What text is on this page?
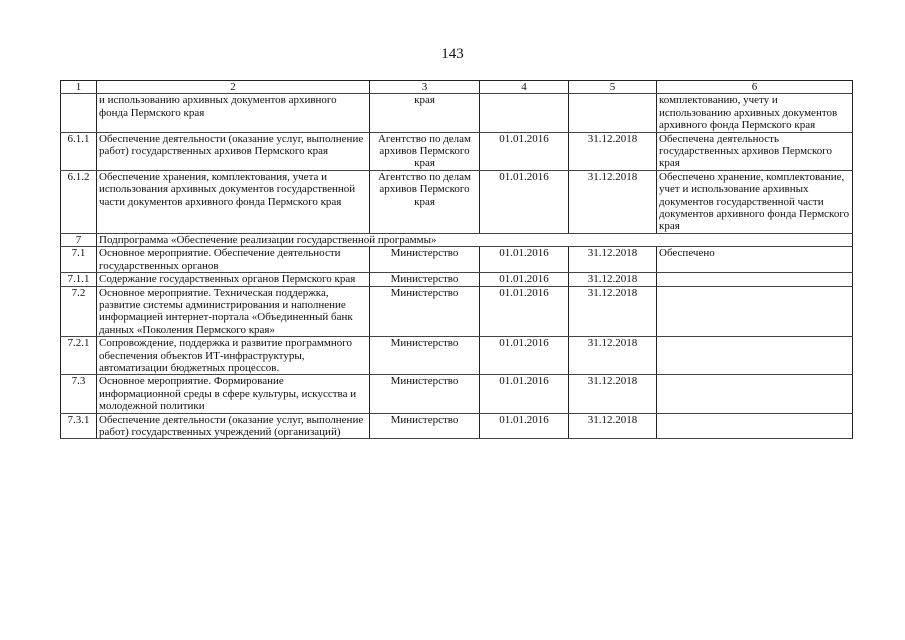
143
1	2	3	4	5	6
	и использованию архивных документов архивного фонда Пермского края	края			комплектованию, учету и использованию архивных документов архивного фонда Пермского края
6.1.1	Обеспечение деятельности (оказание услуг, выполнение работ) государственных архивов Пермского края	Агентство по делам архивов Пермского края	01.01.2016	31.12.2018	Обеспечена деятельность государственных архивов Пермского края
6.1.2	Обеспечение хранения, комплектования, учета и использования архивных документов государственной части документов архивного фонда Пермского края	Агентство по делам архивов Пермского края	01.01.2016	31.12.2018	Обеспечено хранение, комплектование, учет и использование архивных документов государственной части документов архивного фонда Пермского края
7	Подпрограмма «Обеспечение реализации государственной программы»				
7.1	Основное мероприятие. Обеспечение деятельности государственных органов	Министерство	01.01.2016	31.12.2018	Обеспечено
7.1.1	Содержание государственных органов Пермского края	Министерство	01.01.2016	31.12.2018	
7.2	Основное мероприятие. Техническая поддержка, развитие системы администрирования и наполнение информацией интернет-портала «Объединенный банк данных «Поколения Пермского края»	Министерство	01.01.2016	31.12.2018	
7.2.1	Сопровождение, поддержка и развитие программного обеспечения объектов ИТ-инфраструктуры, автоматизации бюджетных процессов.	Министерство	01.01.2016	31.12.2018	
7.3	Основное мероприятие. Формирование информационной среды в сфере культуры, искусства и молодежной политики	Министерство	01.01.2016	31.12.2018	
7.3.1	Обеспечение деятельности (оказание услуг, выполнение работ) государственных учреждений (организаций)	Министерство	01.01.2016	31.12.2018	
